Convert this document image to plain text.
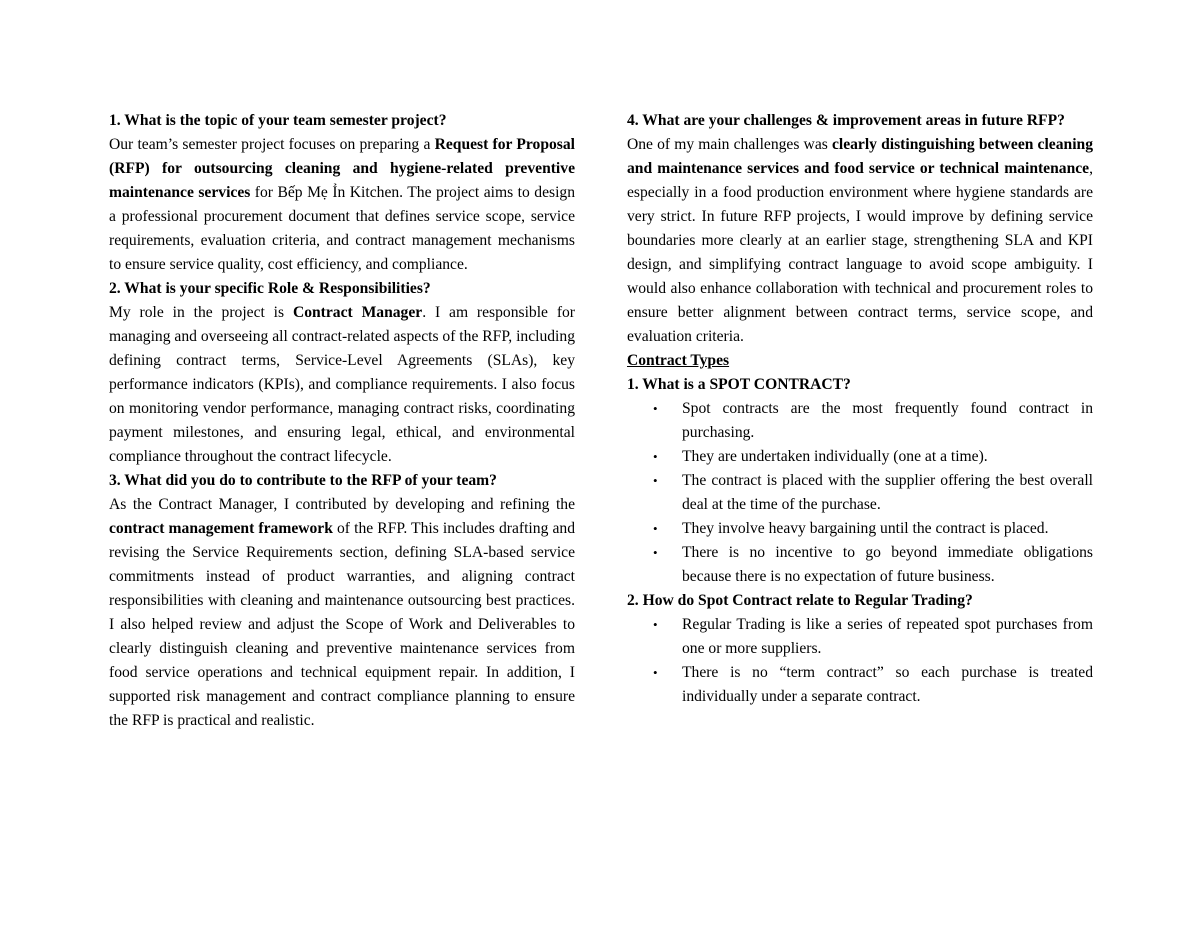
1. What is the topic of your team semester project?

Our team’s semester project focuses on preparing a Request for Proposal (RFP) for outsourcing cleaning and hygiene-related preventive maintenance services for Bếp Mẹ Ỉn Kitchen. The project aims to design a professional procurement document that defines service scope, service requirements, evaluation criteria, and contract management mechanisms to ensure service quality, cost efficiency, and compliance.

2. What is your specific Role & Responsibilities?

My role in the project is Contract Manager. I am responsible for managing and overseeing all contract-related aspects of the RFP, including defining contract terms, Service-Level Agreements (SLAs), key performance indicators (KPIs), and compliance requirements. I also focus on monitoring vendor performance, managing contract risks, coordinating payment milestones, and ensuring legal, ethical, and environmental compliance throughout the contract lifecycle.

3. What did you do to contribute to the RFP of your team?

As the Contract Manager, I contributed by developing and refining the contract management framework of the RFP. This includes drafting and revising the Service Requirements section, defining SLA-based service commitments instead of product warranties, and aligning contract responsibilities with cleaning and maintenance outsourcing best practices. I also helped review and adjust the Scope of Work and Deliverables to clearly distinguish cleaning and preventive maintenance services from food service operations and technical equipment repair. In addition, I supported risk management and contract compliance planning to ensure the RFP is practical and realistic.

4. What are your challenges & improvement areas in future RFP?

One of my main challenges was clearly distinguishing between cleaning and maintenance services and food service or technical maintenance, especially in a food production environment where hygiene standards are very strict. In future RFP projects, I would improve by defining service boundaries more clearly at an earlier stage, strengthening SLA and KPI design, and simplifying contract language to avoid scope ambiguity. I would also enhance collaboration with technical and procurement roles to ensure better alignment between contract terms, service scope, and evaluation criteria.

Contract Types

1. What is a SPOT CONTRACT?

• Spot contracts are the most frequently found contract in purchasing.
• They are undertaken individually (one at a time).
• The contract is placed with the supplier offering the best overall deal at the time of the purchase.
• They involve heavy bargaining until the contract is placed.
• There is no incentive to go beyond immediate obligations because there is no expectation of future business.

2. How do Spot Contract relate to Regular Trading?

• Regular Trading is like a series of repeated spot purchases from one or more suppliers.
• There is no “term contract” so each purchase is treated individually under a separate contract.
